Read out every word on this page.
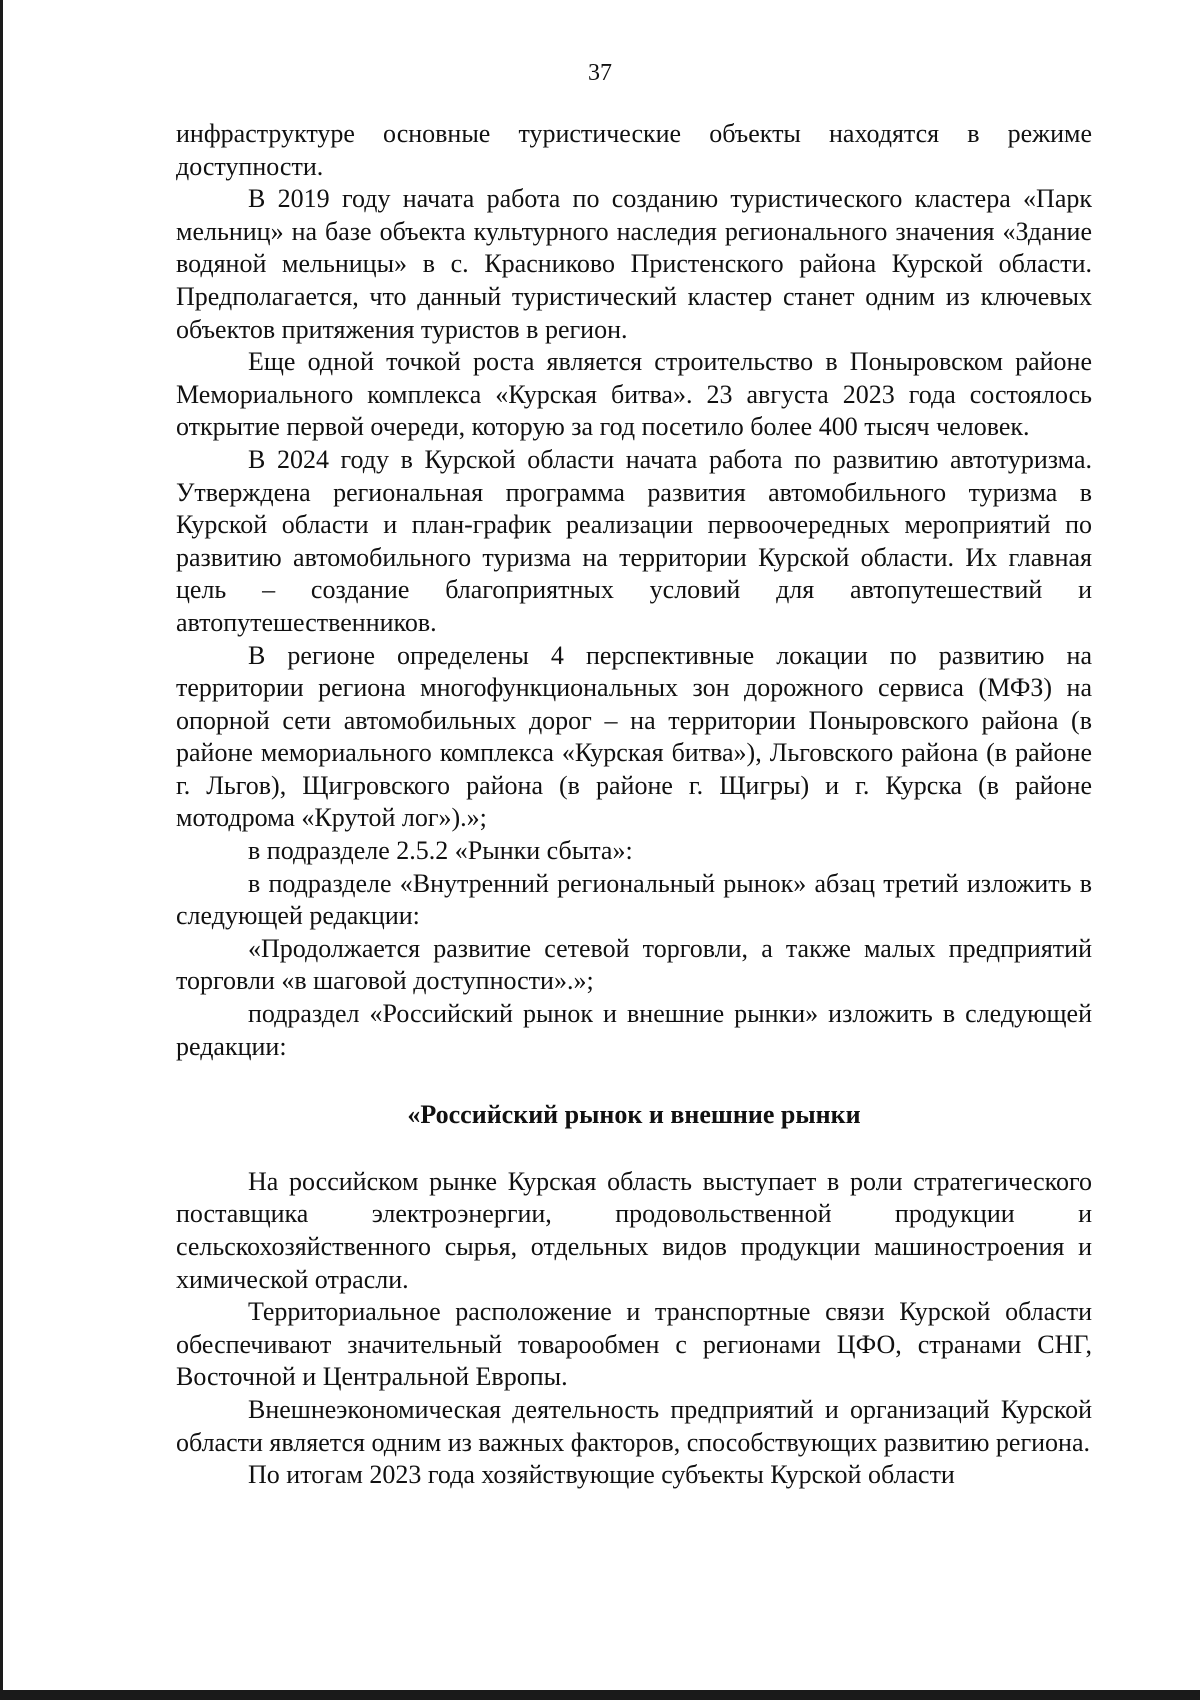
37

инфраструктуре основные туристические объекты находятся в режиме доступности.

В 2019 году начата работа по созданию туристического кластера «Парк мельниц» на базе объекта культурного наследия регионального значения «Здание водяной мельницы» в с. Красниково Пристенского района Курской области. Предполагается, что данный туристический кластер станет одним из ключевых объектов притяжения туристов в регион.

Еще одной точкой роста является строительство в Поныровском районе Мемориального комплекса «Курская битва». 23 августа 2023 года состоялось открытие первой очереди, которую за год посетило более 400 тысяч человек.

В 2024 году в Курской области начата работа по развитию автотуризма. Утверждена региональная программа развития автомобильного туризма в Курской области и план-график реализации первоочередных мероприятий по развитию автомобильного туризма на территории Курской области. Их главная цель – создание благоприятных условий для автопутешествий и автопутешественников.

В регионе определены 4 перспективные локации по развитию на территории региона многофункциональных зон дорожного сервиса (МФЗ) на опорной сети автомобильных дорог – на территории Поныровского района (в районе мемориального комплекса «Курская битва»), Льговского района (в районе г. Льгов), Щигровского района (в районе г. Щигры) и г. Курска (в районе мотодрома «Крутой лог»).»;

в подразделе 2.5.2 «Рынки сбыта»:

в подразделе «Внутренний региональный рынок» абзац третий изложить в следующей редакции:

«Продолжается развитие сетевой торговли, а также малых предприятий торговли «в шаговой доступности».»;

подраздел «Российский рынок и внешние рынки» изложить в следующей редакции:

«Российский рынок и внешние рынки

На российском рынке Курская область выступает в роли стратегического поставщика электроэнергии, продовольственной продукции и сельскохозяйственного сырья, отдельных видов продукции машиностроения и химической отрасли.

Территориальное расположение и транспортные связи Курской области обеспечивают значительный товарообмен с регионами ЦФО, странами СНГ, Восточной и Центральной Европы.

Внешнеэкономическая деятельность предприятий и организаций Курской области является одним из важных факторов, способствующих развитию региона.

По итогам 2023 года хозяйствующие субъекты Курской области
